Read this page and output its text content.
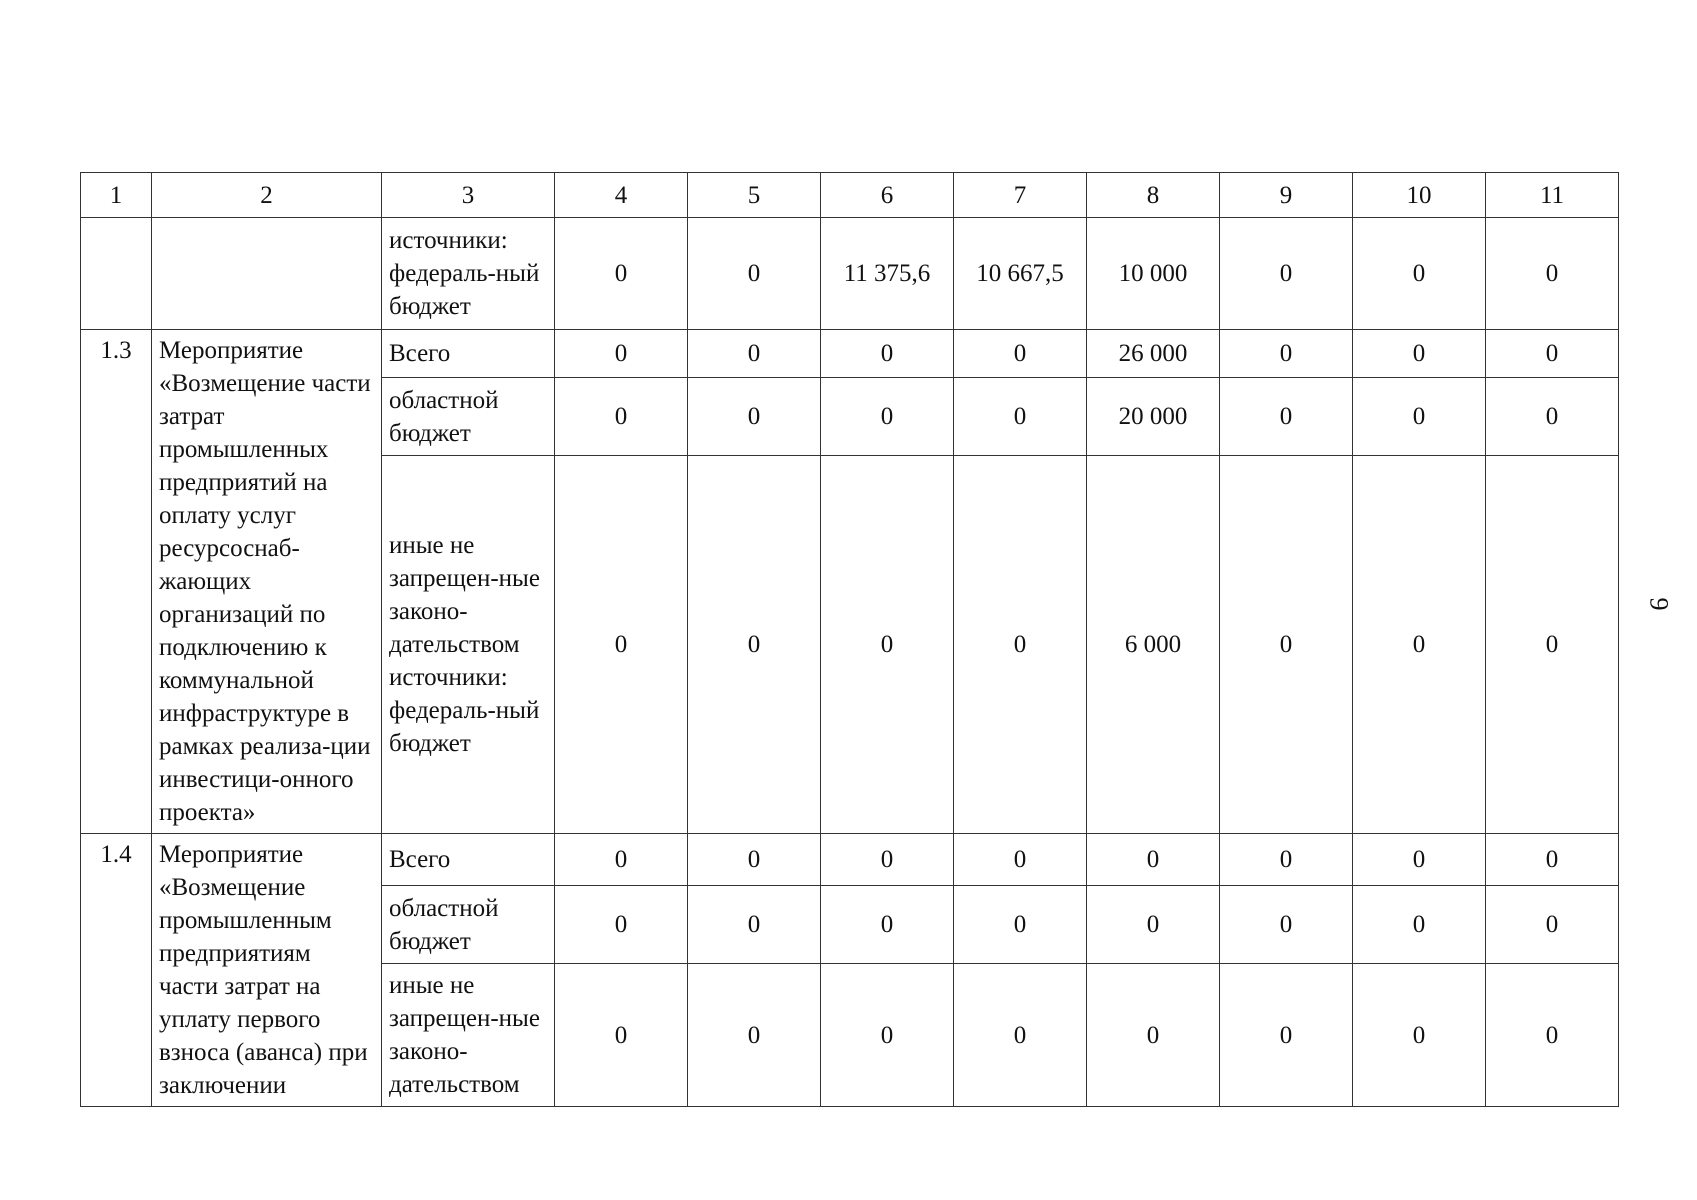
1	2	3	4	5	6	7	8	9	10	11
		источники: федераль-ный бюджет	0	0	11 375,6	10 667,5	10 000	0	0	0
1.3	Мероприятие «Возмещение части затрат промышленных предприятий на оплату услуг ресурсоснаб-жающих организаций по подключению к коммунальной инфраструктуре в рамках реализа-ции инвестици-онного проекта»	Всего	0	0	0	0	26 000	0	0	0
		областной бюджет	0	0	0	0	20 000	0	0	0
		иные не запрещен-ные законо-дательством источники: федераль-ный бюджет	0	0	0	0	6 000	0	0	0
1.4	Мероприятие «Возмещение промышленным предприятиям части затрат на уплату первого взноса (аванса) при заключении	Всего	0	0	0	0	0	0	0	0
		областной бюджет	0	0	0	0	0	0	0	0
		иные не запрещен-ные законо-дательством	0	0	0	0	0	0	0	0
9
